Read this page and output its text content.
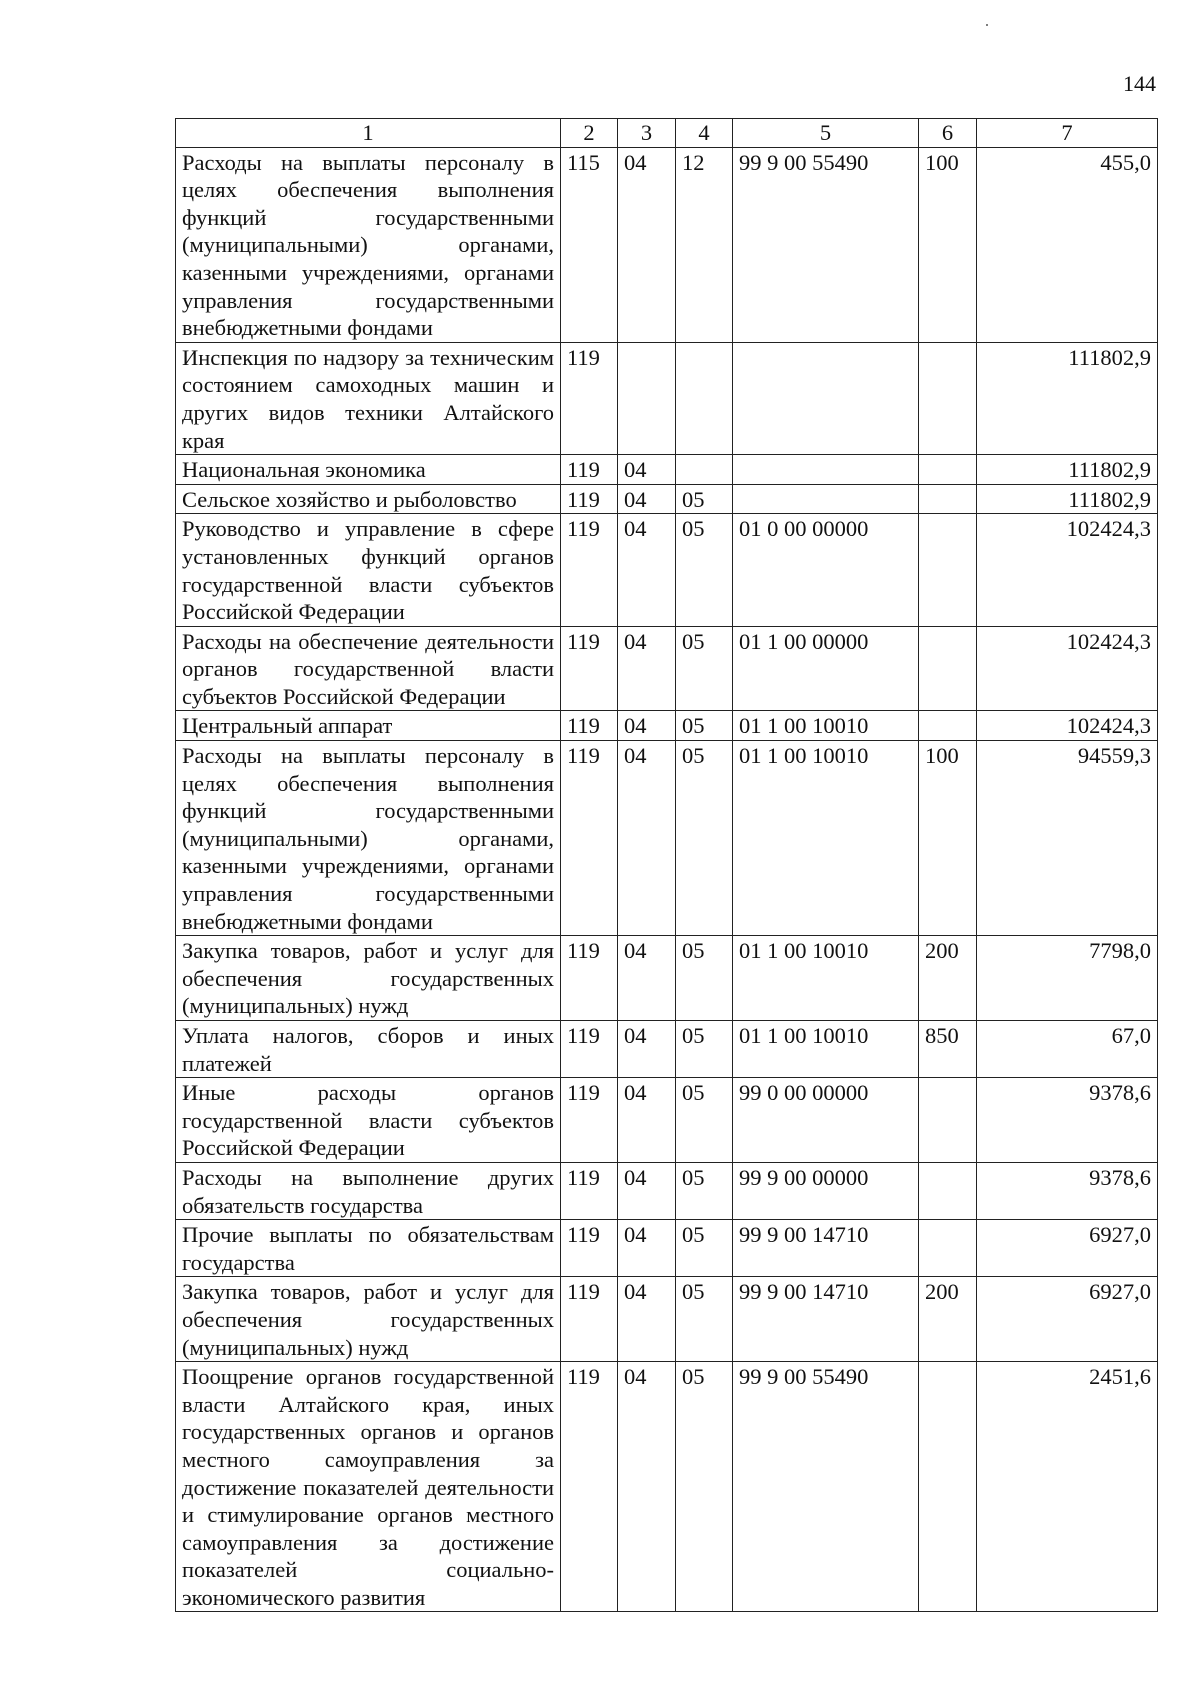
144
1	2	3	4	5	6	7
Расходы на выплаты персоналу в целях обеспечения выполнения функций государственными (муниципальными) органами, казенными учреждениями, органами управления государственными внебюджетными фондами	115	04	12	99 9 00 55490	100	455,0
Инспекция по надзору за техническим состоянием самоходных машин и других видов техники Алтайского края	119					111802,9
Национальная экономика	119	04				111802,9
Сельское хозяйство и рыболовство	119	04	05			111802,9
Руководство и управление в сфере установленных функций органов государственной власти субъектов Российской Федерации	119	04	05	01 0 00 00000		102424,3
Расходы на обеспечение деятельности органов государственной власти субъектов Российской Федерации	119	04	05	01 1 00 00000		102424,3
Центральный аппарат	119	04	05	01 1 00 10010		102424,3
Расходы на выплаты персоналу в целях обеспечения выполнения функций государственными (муниципальными) органами, казенными учреждениями, органами управления государственными внебюджетными фондами	119	04	05	01 1 00 10010	100	94559,3
Закупка товаров, работ и услуг для обеспечения государственных (муниципальных) нужд	119	04	05	01 1 00 10010	200	7798,0
Уплата налогов, сборов и иных платежей	119	04	05	01 1 00 10010	850	67,0
Иные расходы органов государственной власти субъектов Российской Федерации	119	04	05	99 0 00 00000		9378,6
Расходы на выполнение других обязательств государства	119	04	05	99 9 00 00000		9378,6
Прочие выплаты по обязательствам государства	119	04	05	99 9 00 14710		6927,0
Закупка товаров, работ и услуг для обеспечения государственных (муниципальных) нужд	119	04	05	99 9 00 14710	200	6927,0
Поощрение органов государственной власти Алтайского края, иных государственных органов и органов местного самоуправления за достижение показателей деятельности и стимулирование органов местного самоуправления за достижение показателей социально-экономического развития	119	04	05	99 9 00 55490		2451,6
